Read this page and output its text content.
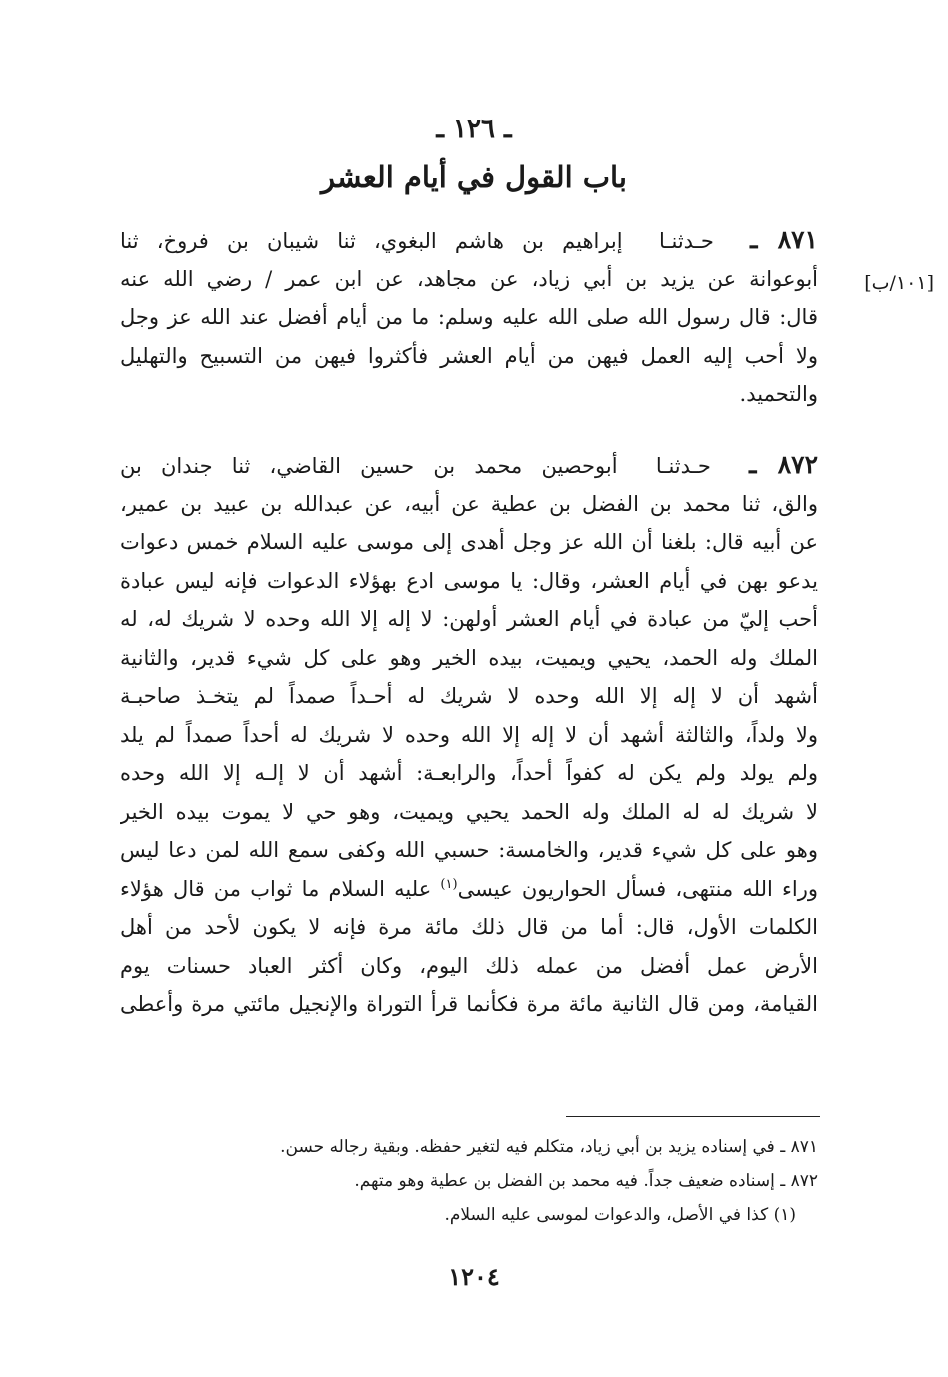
ـ ١٢٦ ـ
باب القول في أيام العشر
[١٠١/ب]
٨٧١ ـ  حـدثنـا  إبراهيم بن هاشم البغوي، ثنا شيبان بن فروخ، ثنا
أبوعوانة عن يزيد بن أبي زياد، عن مجاهد، عن ابن عمر / رضي الله عنه
قال: قال رسول الله صلى الله عليه وسلم: ما من أيام أفضل عند الله عز وجل
ولا أحب إليه العمل فيهن من أيام العشر فأكثروا فيهن من التسبيح والتهليل
والتحميد.
٨٧٢ ـ  حـدثنـا  أبوحصين محمد بن حسين القاضي، ثنا جندان بن
والق، ثنا محمد بن الفضل بن عطية عن أبيه، عن عبدالله بن عبيد بن عمير،
عن أبيه قال: بلغنا أن الله عز وجل أهدى إلى موسى عليه السلام خمس دعوات
يدعو بهن في أيام العشر، وقال: يا موسى ادع بهؤلاء الدعوات فإنه ليس عبادة
أحب إليّ من عبادة في أيام العشر أولهن: لا إله إلا الله وحده لا شريك له، له
الملك وله الحمد، يحيي ويميت، بيده الخير وهو على كل شيء قدير، والثانية
أشهد أن لا إله إلا الله وحده لا شريك له أحـداً صمداً لم يتخـذ صاحبـة
ولا ولداً، والثالثة أشهد أن لا إله إلا الله وحده لا شريك له أحداً صمداً لم يلد
ولم يولد ولم يكن له كفواً أحداً، والرابعـة: أشهد أن لا إلـه إلا الله وحده
لا شريك له له الملك وله الحمد يحيي ويميت، وهو حي لا يموت بيده الخير
وهو على كل شيء قدير، والخامسة: حسبي الله وكفى سمع الله لمن دعا ليس
وراء الله منتهى، فسأل الحواريون عيسى$^{(١)}$ عليه السلام ما ثواب من قال هؤلاء
الكلمات الأول، قال: أما من قال ذلك مائة مرة فإنه لا يكون لأحد من أهل
الأرض عمل أفضل من عمله ذلك اليوم، وكان أكثر العباد حسنات يوم
القيامة، ومن قال الثانية مائة مرة فكأنما قرأ التوراة والإنجيل مائتي مرة وأعطى
٨٧١ ـ في إسناده يزيد بن أبي زياد، متكلم فيه لتغير حفظه. وبقية رجاله حسن.
٨٧٢ ـ إسناده ضعيف جداً. فيه محمد بن الفضل بن عطية وهو متهم.
(١) كذا في الأصل، والدعوات لموسى عليه السلام.
١٢٠٤
